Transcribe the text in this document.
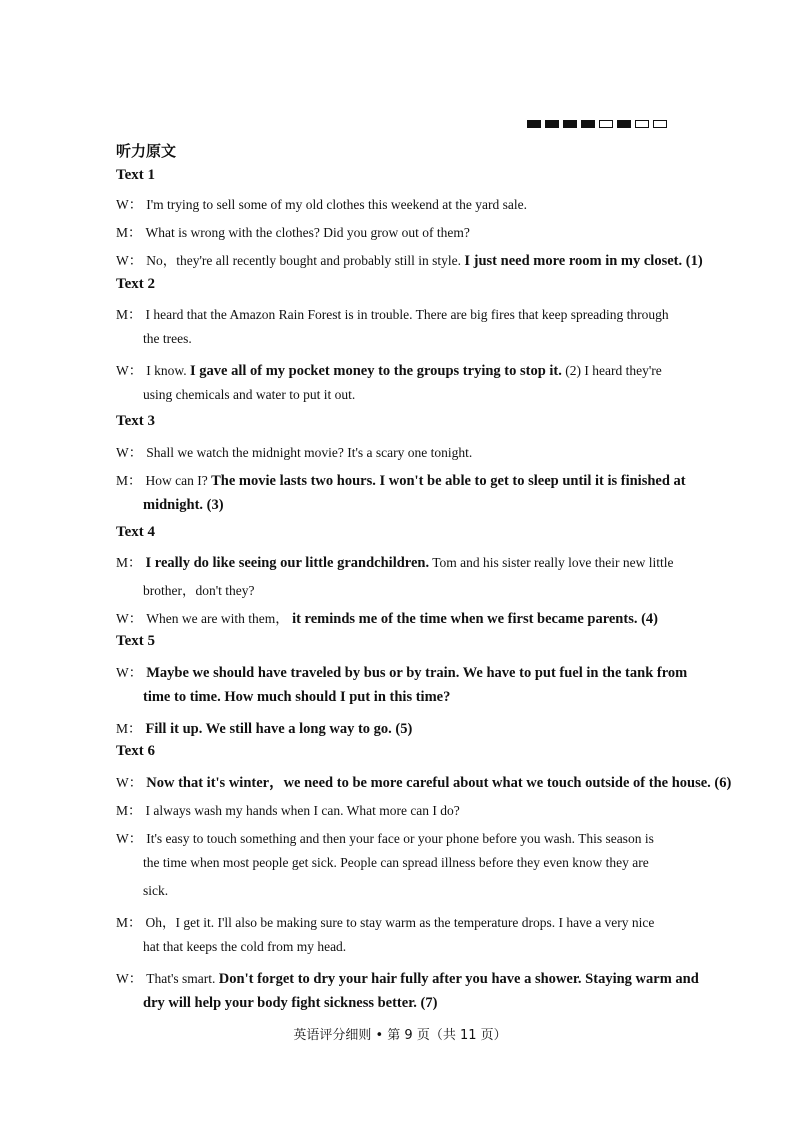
听力原文
Text 1
W： I'm trying to sell some of my old clothes this weekend at the yard sale.
M： What is wrong with the clothes? Did you grow out of them?
W： No，they're all recently bought and probably still in style. I just need more room in my closet. (1)
Text 2
M： I heard that the Amazon Rain Forest is in trouble. There are big fires that keep spreading through
the trees.
W： I know. I gave all of my pocket money to the groups trying to stop it. (2) I heard they're
using chemicals and water to put it out.
Text 3
W： Shall we watch the midnight movie? It's a scary one tonight.
M： How can I? The movie lasts two hours. I won't be able to get to sleep until it is finished at
midnight. (3)
Text 4
M： I really do like seeing our little grandchildren. Tom and his sister really love their new little
brother，don't they?
W： When we are with them， it reminds me of the time when we first became parents. (4)
Text 5
W： Maybe we should have traveled by bus or by train. We have to put fuel in the tank from
time to time. How much should I put in this time?
M： Fill it up. We still have a long way to go. (5)
Text 6
W： Now that it's winter，we need to be more careful about what we touch outside of the house. (6)
M： I always wash my hands when I can. What more can I do?
W： It's easy to touch something and then your face or your phone before you wash. This season is
the time when most people get sick. People can spread illness before they even know they are
sick.
M： Oh，I get it. I'll also be making sure to stay warm as the temperature drops. I have a very nice
hat that keeps the cold from my head.
W： That's smart. Don't forget to dry your hair fully after you have a shower. Staying warm and
dry will help your body fight sickness better. (7)
英语评分细则 • 第 9 页（共 11 页）
